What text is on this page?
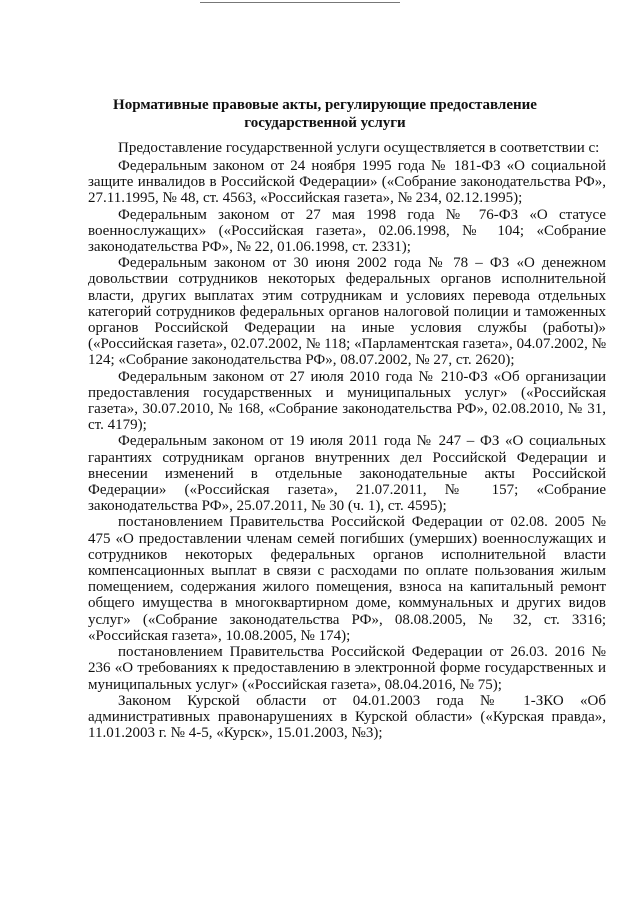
Нормативные правовые акты, регулирующие предоставление
государственной услуги

Предоставление государственной услуги осуществляется в соответствии с:

Федеральным законом от 24 ноября 1995 года № 181-ФЗ «О социальной защите инвалидов в Российской Федерации» («Собрание законодательства РФ», 27.11.1995, № 48, ст. 4563, «Российская газета», № 234, 02.12.1995);
Федеральным законом от 27 мая 1998 года № 76-ФЗ «О статусе военнослужащих» («Российская газета», 02.06.1998, № 104; «Собрание законодательства РФ», № 22, 01.06.1998, ст. 2331);
Федеральным законом от 30 июня 2002 года № 78 – ФЗ «О денежном довольствии сотрудников некоторых федеральных органов исполнительной власти, других выплатах этим сотрудникам и условиях перевода отдельных категорий сотрудников федеральных органов налоговой полиции и таможенных органов Российской Федерации на иные условия службы (работы)» («Российская газета», 02.07.2002, № 118; «Парламентская газета», 04.07.2002, № 124; «Собрание законодательства РФ», 08.07.2002, № 27, ст. 2620);
Федеральным законом от 27 июля 2010 года № 210-ФЗ «Об организации предоставления государственных и муниципальных услуг» («Российская газета», 30.07.2010, № 168, «Собрание законодательства РФ», 02.08.2010, № 31, ст. 4179);
Федеральным законом от 19 июля 2011 года № 247 – ФЗ «О социальных гарантиях сотрудникам органов внутренних дел Российской Федерации и внесении изменений в отдельные законодательные акты Российской Федерации» («Российская газета», 21.07.2011, № 157; «Собрание законодательства РФ», 25.07.2011, № 30 (ч. 1), ст. 4595);
постановлением Правительства Российской Федерации от 02.08. 2005 № 475 «О предоставлении членам семей погибших (умерших) военнослужащих и сотрудников некоторых федеральных органов исполнительной власти компенсационных выплат в связи с расходами по оплате пользования жилым помещением, содержания жилого помещения, взноса на капитальный ремонт общего имущества в многоквартирном доме, коммунальных и других видов услуг» («Собрание законодательства РФ», 08.08.2005, № 32, ст. 3316; «Российская газета», 10.08.2005, № 174);
постановлением Правительства Российской Федерации от 26.03. 2016 № 236 «О требованиях к предоставлению в электронной форме государственных и муниципальных услуг» («Российская газета», 08.04.2016, № 75);
Законом Курской области от 04.01.2003 года № 1-ЗКО «Об административных правонарушениях в Курской области» («Курская правда», 11.01.2003 г. № 4-5, «Курск», 15.01.2003, №3);
